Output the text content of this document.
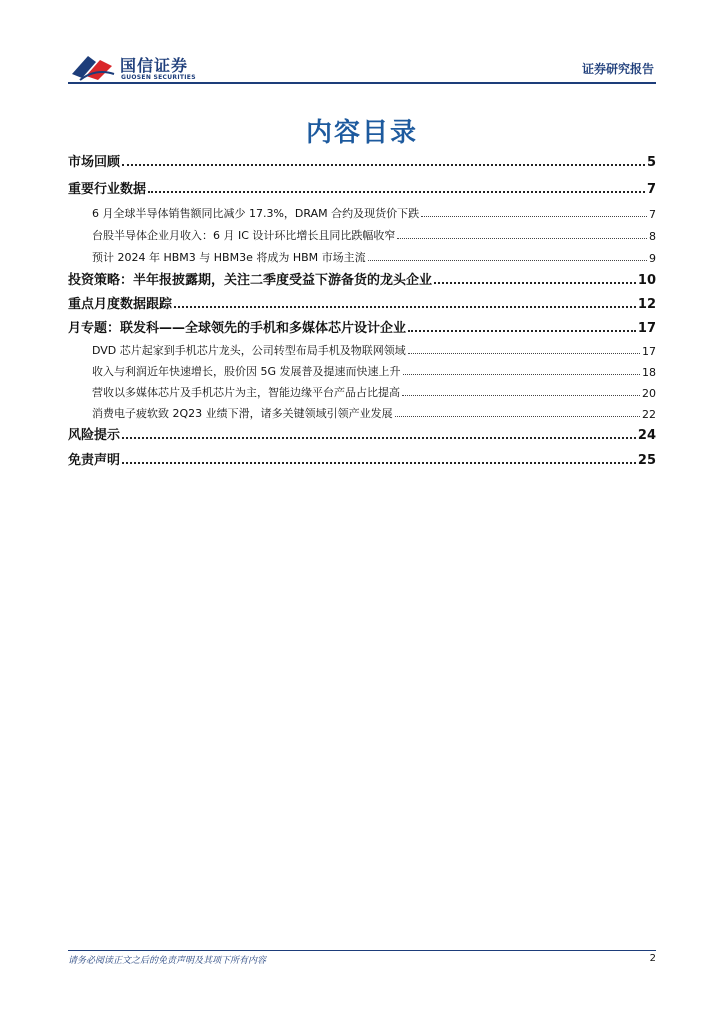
国信证券
GUOSEN SECURITIES
证券研究报告
内容目录
市场回顾	5
重要行业数据	7
6 月全球半导体销售额同比减少 17.3%，DRAM 合约及现货价下跌	7
台股半导体企业月收入：6 月 IC 设计环比增长且同比跌幅收窄	8
预计 2024 年 HBM3 与 HBM3e 将成为 HBM 市场主流	9
投资策略：半年报披露期，关注二季度受益下游备货的龙头企业	10
重点月度数据跟踪	12
月专题：联发科——全球领先的手机和多媒体芯片设计企业	17
DVD 芯片起家到手机芯片龙头，公司转型布局手机及物联网领域	17
收入与利润近年快速增长，股价因 5G 发展普及提速而快速上升	18
营收以多媒体芯片及手机芯片为主，智能边缘平台产品占比提高	20
消费电子疲软致 2Q23 业绩下滑，诸多关键领域引领产业发展	22
风险提示	24
免责声明	25
请务必阅读正文之后的免责声明及其项下所有内容	2
